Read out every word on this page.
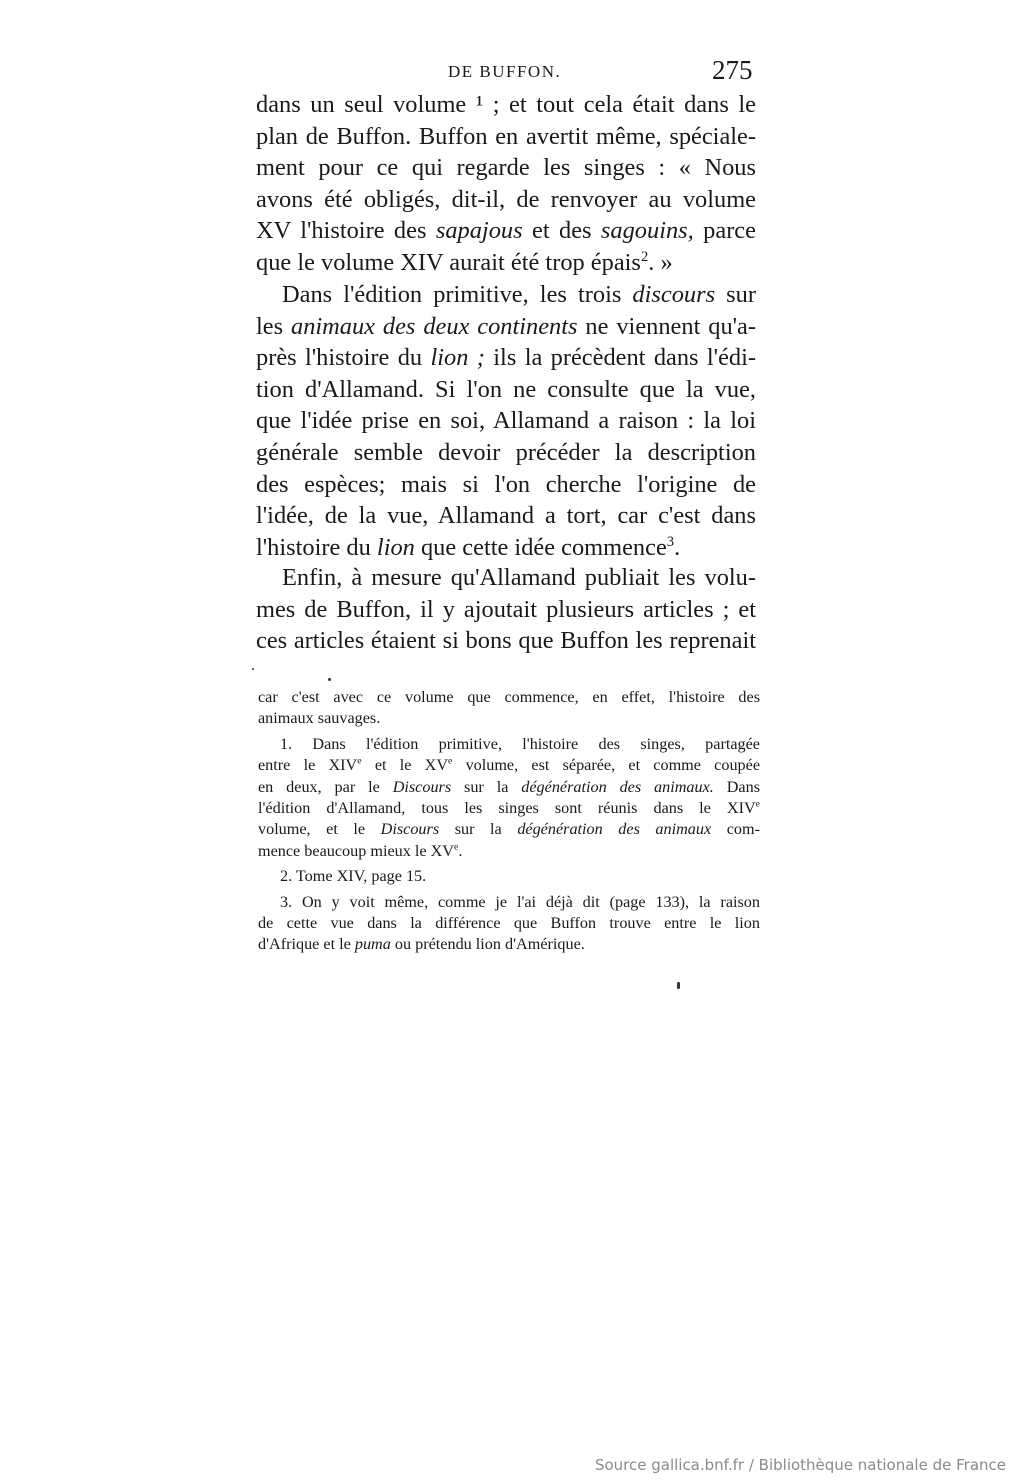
DE BUFFON.	275
dans un seul volume ¹ ; et tout cela était dans le
plan de Buffon. Buffon en avertit même, spéciale-
ment pour ce qui regarde les singes : « Nous
avons été obligés, dit-il, de renvoyer au volume
XV l'histoire des sapajous et des sagouins, parce
que le volume XIV aurait été trop épais$^2$. »
Dans l'édition primitive, les trois discours sur
les animaux des deux continents ne viennent qu'a-
près l'histoire du lion ; ils la précèdent dans l'édi-
tion d'Allamand. Si l'on ne consulte que la vue,
que l'idée prise en soi, Allamand a raison : la loi
générale semble devoir précéder la description
des espèces; mais si l'on cherche l'origine de
l'idée, de la vue, Allamand a tort, car c'est dans
l'histoire du lion que cette idée commence$^3$.
Enfin, à mesure qu'Allamand publiait les volu-
mes de Buffon, il y ajoutait plusieurs articles ; et
ces articles étaient si bons que Buffon les reprenait
car c'est avec ce volume que commence, en effet, l'histoire des
animaux sauvages.
1. Dans l'édition primitive, l'histoire des singes, partagée
entre le XIVe et le XVe volume, est séparée, et comme coupée
en deux, par le Discours sur la dégénération des animaux. Dans
l'édition d'Allamand, tous les singes sont réunis dans le XIVe
volume, et le Discours sur la dégénération des animaux com-
mence beaucoup mieux le XVe.
2. Tome XIV, page 15.
3. On y voit même, comme je l'ai déjà dit (page 133), la raison
de cette vue dans la différence que Buffon trouve entre le lion
d'Afrique et le puma ou prétendu lion d'Amérique.
Source gallica.bnf.fr / Bibliothèque nationale de France
